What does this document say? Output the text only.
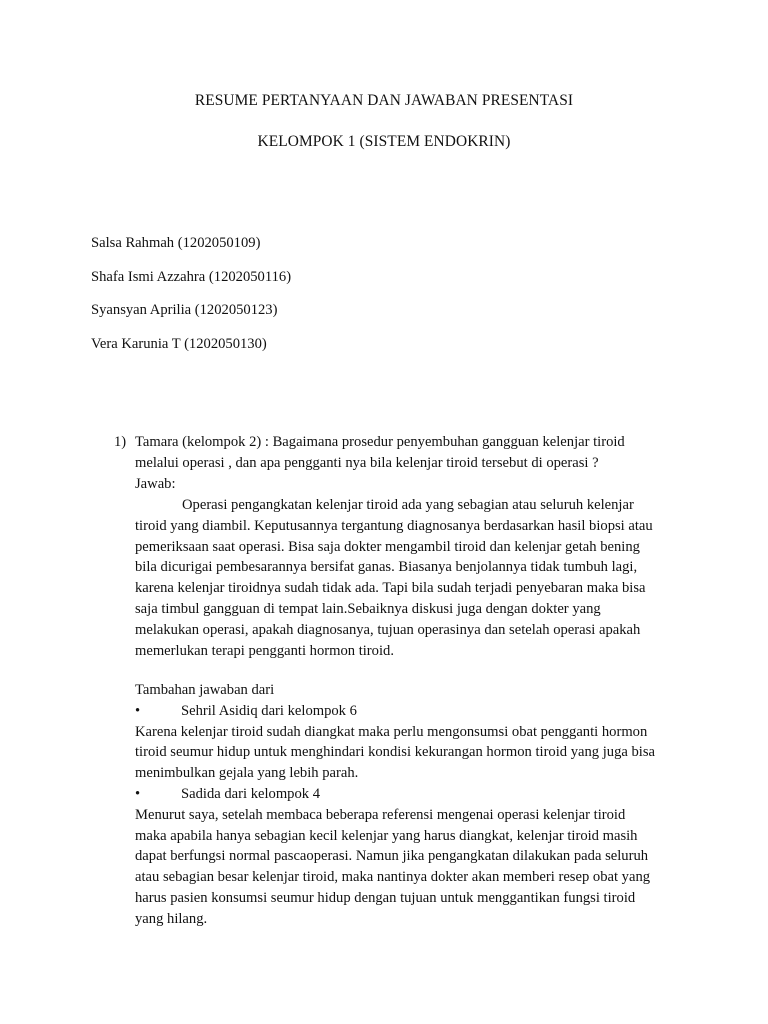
RESUME PERTANYAAN DAN JAWABAN PRESENTASI
KELOMPOK 1 (SISTEM ENDOKRIN)
Salsa Rahmah (1202050109)
Shafa Ismi Azzahra (1202050116)
Syansyan Aprilia (1202050123)
Vera Karunia T (1202050130)
1) Tamara (kelompok 2) : Bagaimana prosedur penyembuhan gangguan kelenjar tiroid
melalui operasi , dan apa pengganti nya bila kelenjar tiroid tersebut di operasi ?
Jawab:
Operasi pengangkatan kelenjar tiroid ada yang sebagian atau seluruh kelenjar
tiroid yang diambil. Keputusannya tergantung diagnosanya berdasarkan hasil biopsi atau
pemeriksaan saat operasi. Bisa saja dokter mengambil tiroid dan kelenjar getah bening
bila dicurigai pembesarannya bersifat ganas. Biasanya benjolannya tidak tumbuh lagi,
karena kelenjar tiroidnya sudah tidak ada. Tapi bila sudah terjadi penyebaran maka bisa
saja timbul gangguan di tempat lain.Sebaiknya diskusi juga dengan dokter yang
melakukan operasi, apakah diagnosanya, tujuan operasinya dan setelah operasi apakah
memerlukan terapi pengganti hormon tiroid.
Tambahan jawaban dari
•	Sehril Asidiq dari kelompok 6
Karena kelenjar tiroid sudah diangkat maka perlu mengonsumsi obat pengganti hormon
tiroid seumur hidup untuk menghindari kondisi kekurangan hormon tiroid yang juga bisa
menimbulkan gejala yang lebih parah.
•	Sadida dari kelompok 4
Menurut saya, setelah membaca beberapa referensi mengenai operasi kelenjar tiroid
maka apabila hanya sebagian kecil kelenjar yang harus diangkat, kelenjar tiroid masih
dapat berfungsi normal pascaoperasi. Namun jika pengangkatan dilakukan pada seluruh
atau sebagian besar kelenjar tiroid, maka nantinya dokter akan memberi resep obat yang
harus pasien konsumsi seumur hidup dengan tujuan untuk menggantikan fungsi tiroid
yang hilang.
